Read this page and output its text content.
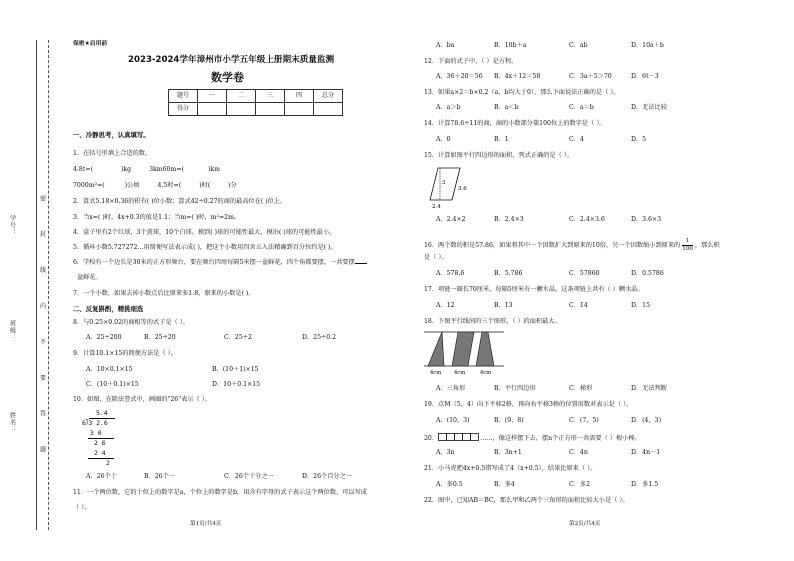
学号：
班级：
姓名：	密 封 线 内 不 要 答 题
保密★启用前
2023-2024学年漳州市小学五年级上册期末质量监测
数学卷
题号	一	二	三	四	总分
得分					
一、冷静思考，认真填写。
1．在括号里填上合适的数。
4.8t=(	)kg	3km60m=(	)km
7000m²=(	)公顷	4.5时=(	)时(	)分
2．算式5.18×0.36的积有( )位小数；算式42÷0.27的商的最高位在( )位上。
3．当x=( )时，4x+0.3的值是1.1；当m=( )时，m²=2m。
4．盒子里有2个红球，3个黄球，10个白球。摸到( )球的可能性最大，摸出( )球的可能性最小。
5．循环小数5.727272…用简便写法表示成( )，把这个小数用四舍五入法精确到百分位约是( )。
6．学校有一个边长是30米的正方形舞台，要在舞台四周每隔5米摆一盆鲜花，四个角都要摆，一共要摆
盆鲜花。
7．一个小数，如果去掉小数点后比原来多1.8，原来的小数是( )。
二、反复斟酌，精挑细选
8．与0.25×0.02的商相等的式子是（ ）。
A．25÷200	B．25÷20	C．25÷2	D．25÷0.2
9．计算10.1×15的简便方法是（ ）。
A．10×0.1×15	B．(10＋1)×15
C．(10＋0.1)×15	D．10＋0.1×15
10．如图，在除法竖式中，画圈的"26"表示（ ）。
5.4
6⟌3 2.6
3 0
2 6
2 4
2
A．26个十	B．26个一	C．26个十分之一	D．26个百分之一
11．一个两位数，它的十位上的数字是a，个位上的数字是b，用含有字母的式子表示这个两位数，可以写成
（ ）。
第1页/共4页
A．ba	B．10b＋a	C．ab	D．10a＋b
12．下面的式子中，（ ）是方程。
A．36＋20＝56 B．4x＋12＝58	C．3a＋5＞70	D．6t－3
13．如果a×2＝b×0.2（a、b均大于0），那么下面说法正确的是（ ）。
A．a＞b	B．a＜b	C．a＝b	D．无法比较
14．计算78.6÷11的商，商的小数部分第100位上的数字是（ ）。
A．0	B．1	C．4	D．5
15．计算如图平行四边形的面积，列式正确的是（ ）。
3
3.6
2.4
A．2.4×2	B．2.4×3	C．2.4×3.6	D．3.6×3
16．两个数的积是57.86，如果将其中一个因数扩大到原来的10倍，另一个因数缩小到原来的 $\frac{1}{100}$ ，那么积
是（ ）。
A．578.6	B．5.786	C．57860	D．0.5786
17．项链一圈长70厘米，每隔5厘米有一颗水晶，这条项链上共有（ ）颗水晶。
A．12	B．13	C．14	D．15
18．下图平行线间的三个图形，（ ）的面积最大。
4cm 4cm	4cm
A．三角形	B．平行四边形	C．梯形	D．无法判断
19．点M（5，4）向下平移2格，再向右平移3格的位置用数对表示是（ ）。
A．(10，3)	B．(9，8)	C．(7，5)	D．(4，3)
20．	……，像这样摆下去，摆n个正方形一共需要（ ）根小棒。
A．3n	B．3n+1	C．4n	D．4n－1
21．小马虎把4x+0.5错写成了4（x+0.5），结果比原来（ ）。
A．多0.5	B．多4	C．多2	D．多1.5
22．图中，已知AB＝BC，那么甲和乙两个三角形的面积比较大小是（ ）。
第2页/共4页
